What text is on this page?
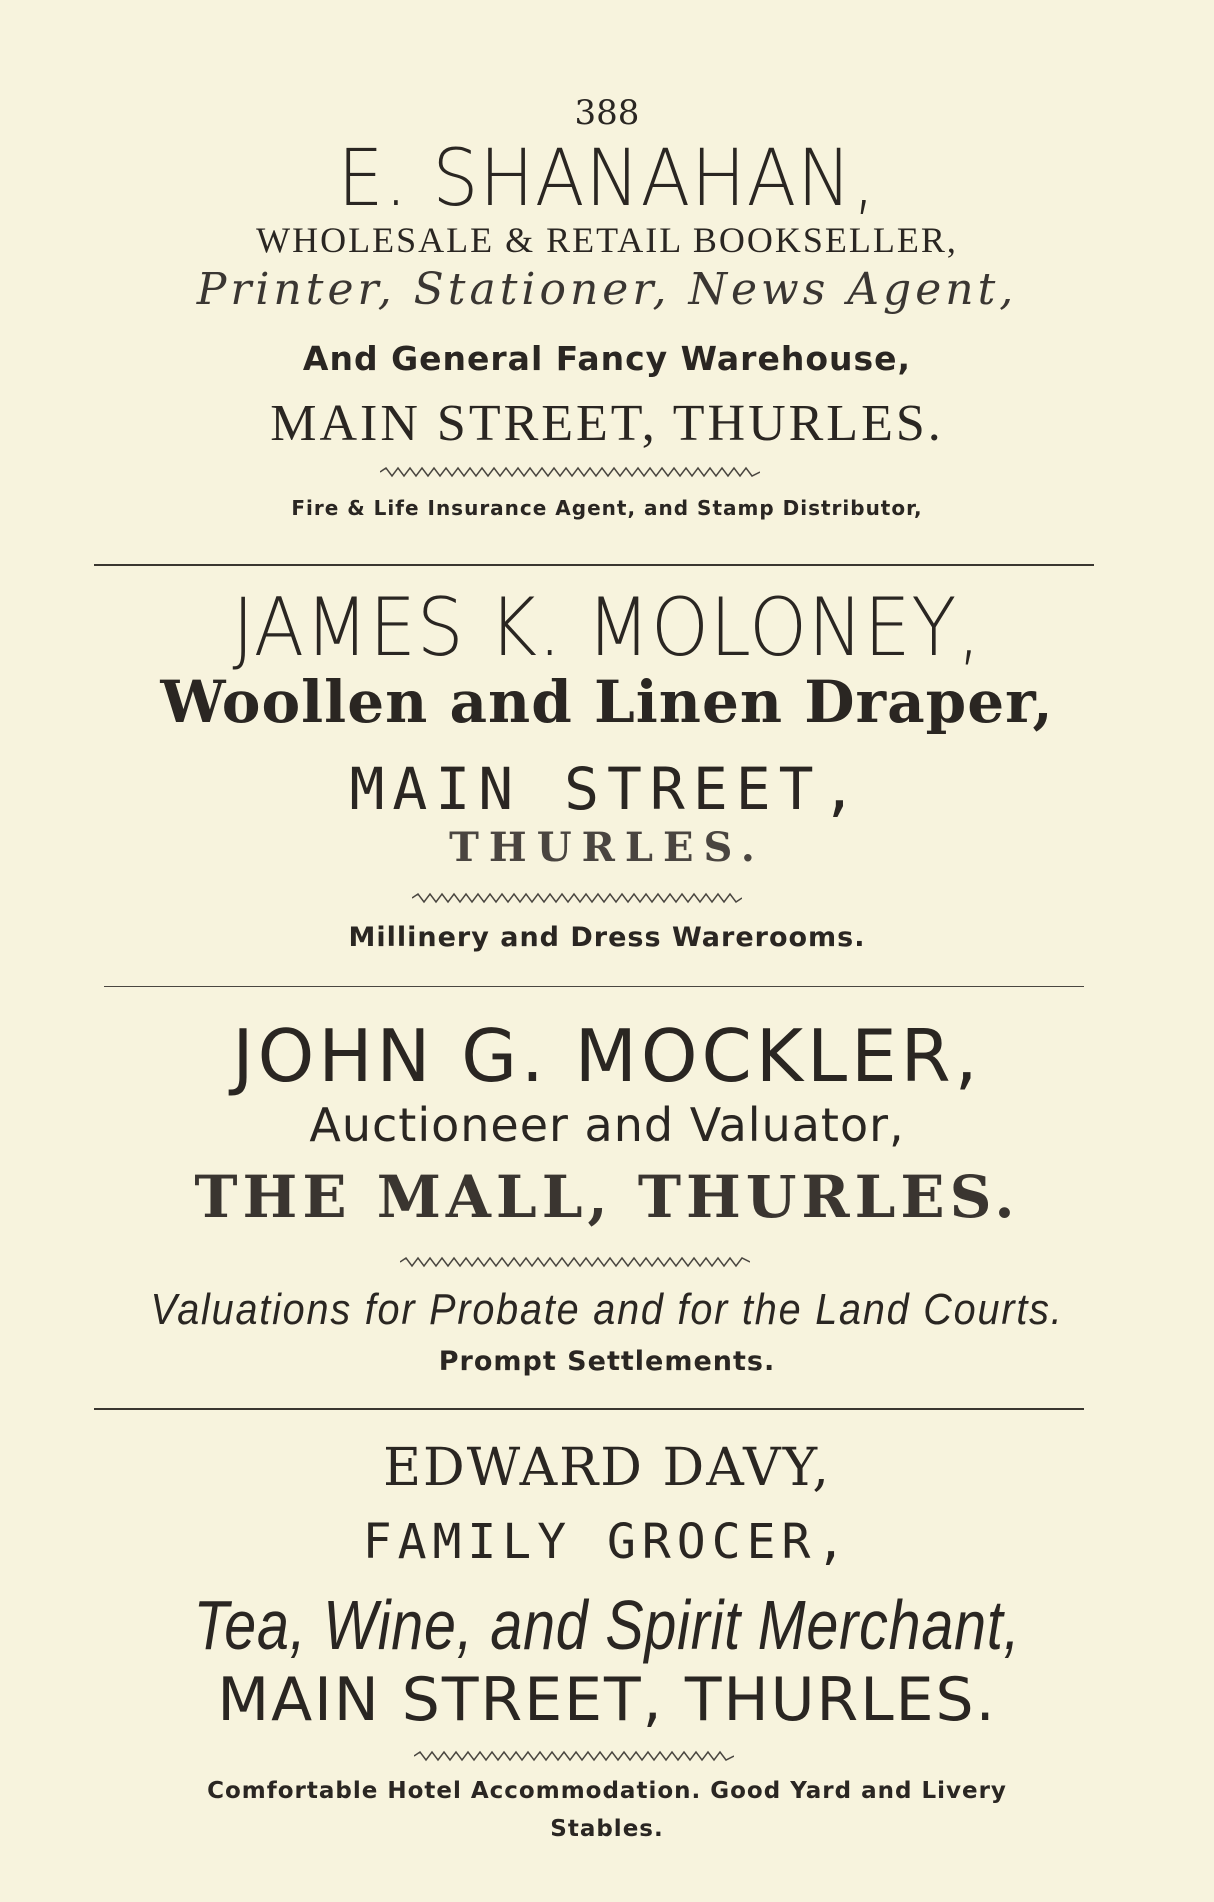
388
E. SHANAHAN,
WHOLESALE & RETAIL BOOKSELLER,
Printer, Stationer, News Agent,
And General Fancy Warehouse,
MAIN STREET, THURLES.
Fire & Life Insurance Agent, and Stamp Distributor,
JAMES K. MOLONEY,
Woollen and Linen Draper,
MAIN STREET,
THURLES.
Millinery and Dress Warerooms.
JOHN G. MOCKLER,
Auctioneer and Valuator,
THE MALL, THURLES.
Valuations for Probate and for the Land Courts.
Prompt Settlements.
EDWARD DAVY,
FAMILY GROCER,
Tea, Wine, and Spirit Merchant,
MAIN STREET, THURLES.
Comfortable Hotel Accommodation. Good Yard and Livery
Stables.
